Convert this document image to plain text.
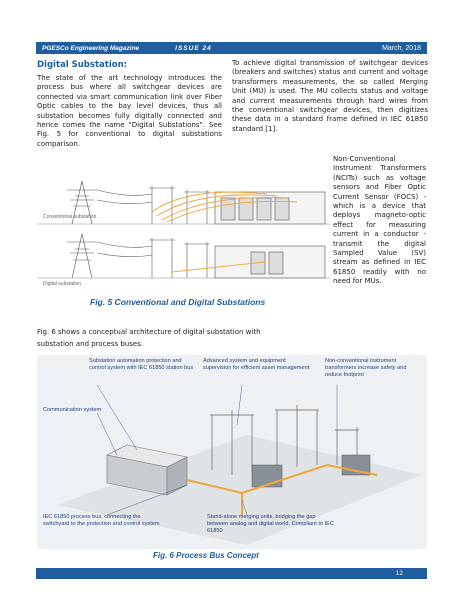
PGESCo Engineering Magazine	ISSUE 24	March, 2018
Digital Substation:

The state of the art technology introduces the process bus where all switchgear devices are connected via smart communication link over Fiber Optic cables to the bay level devices, thus all substation becomes fully digitally connected and hence comes the name "Digital Substations". See Fig. 5 for conventional to digital substations comparison.

To achieve digital transmission of switchgear devices (breakers and switches) status and current and voltage transformers measurements, the so called Merging Unit (MU) is used. The MU collects status and voltage and current measurements through hard wires from the conventional switchgear devices, then digitizes these data in a standard frame defined in IEC 61850 standard [1].

Non-Conventional Instrument Transformers (NCITs) such as voltage sensors and Fiber Optic Current Sensor (FOCS) - which is a device that deploys magneto-optic effect for measuring current in a conductor - transmit the digital Sampled Value (SV) stream as defined in IEC 61850 readily with no need for MUs.

Conventional substation
Digital substation
Fig. 5 Conventional and Digital Substations

Fig. 6 shows a conceptual architecture of digital substation with substation and process buses.

Substation automation protection and control system with IEC 61850 station bus
Advanced system and equipment supervision for efficient asset management
Non-conventional instrument transformers increase safety and reduce footprint
Communication system
IEC 61850 process bus, connecting the switchyard to the protection and control system
Stand-alone merging units, bridging the gap between analog and digital world. Compliant to IEC 61850
Fig. 6 Process Bus Concept
12
